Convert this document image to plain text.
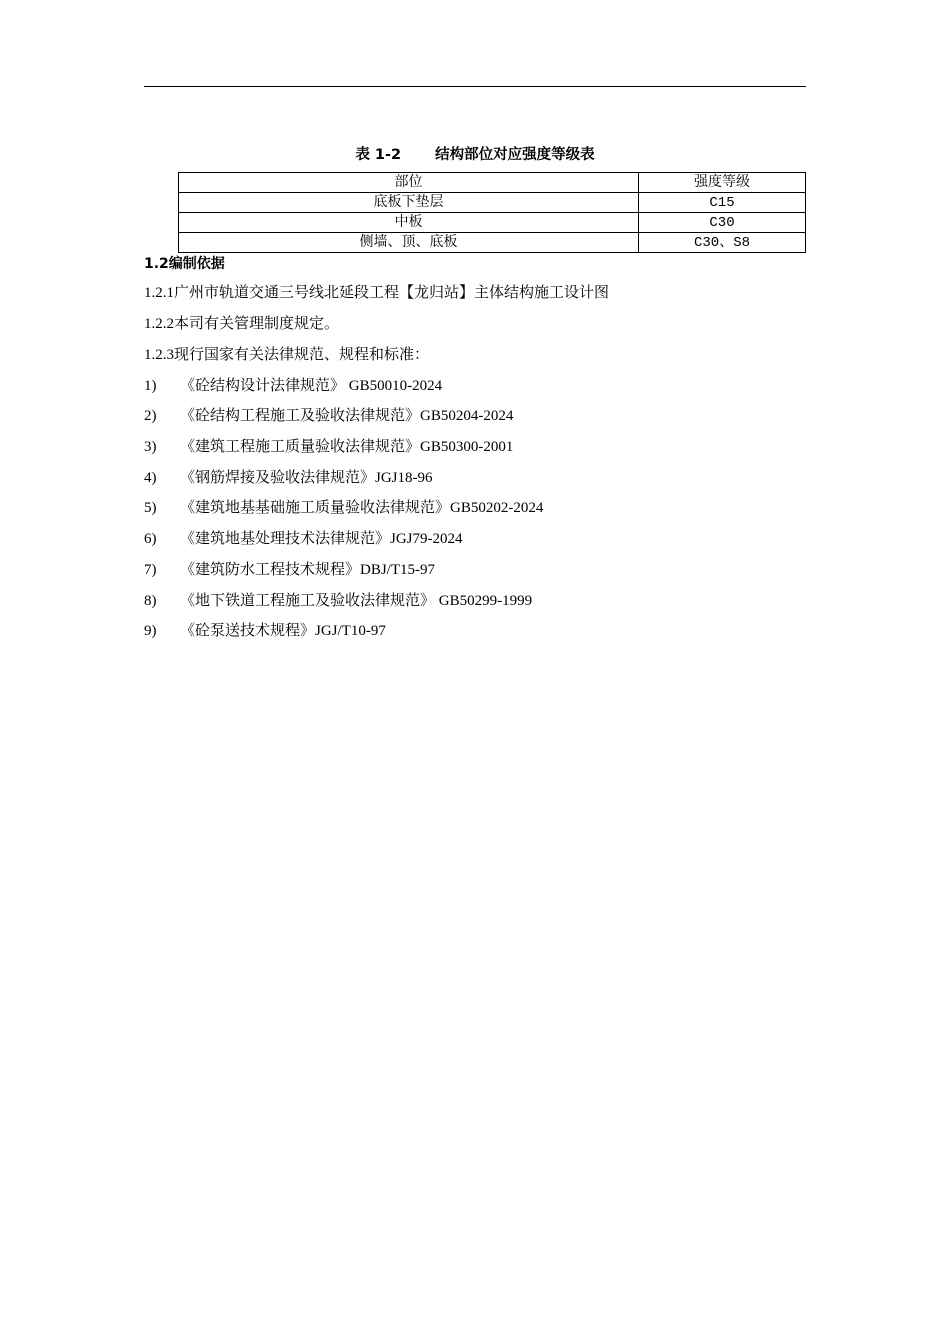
表 1-2 结构部位对应强度等级表
部位	强度等级
底板下垫层	C15
中板	C30
侧墙、顶、底板	C30、S8
1.2编制依据
1.2.1广州市轨道交通三号线北延段工程【龙归站】主体结构施工设计图
1.2.2本司有关管理制度规定。
1.2.3现行国家有关法律规范、规程和标准：
1) 《砼结构设计法律规范》 GB50010-2024
2) 《砼结构工程施工及验收法律规范》GB50204-2024
3) 《建筑工程施工质量验收法律规范》GB50300-2001
4) 《钢筋焊接及验收法律规范》JGJ18-96
5) 《建筑地基基础施工质量验收法律规范》GB50202-2024
6) 《建筑地基处理技术法律规范》JGJ79-2024
7) 《建筑防水工程技术规程》DBJ/T15-97
8) 《地下铁道工程施工及验收法律规范》 GB50299-1999
9) 《砼泵送技术规程》JGJ/T10-97
